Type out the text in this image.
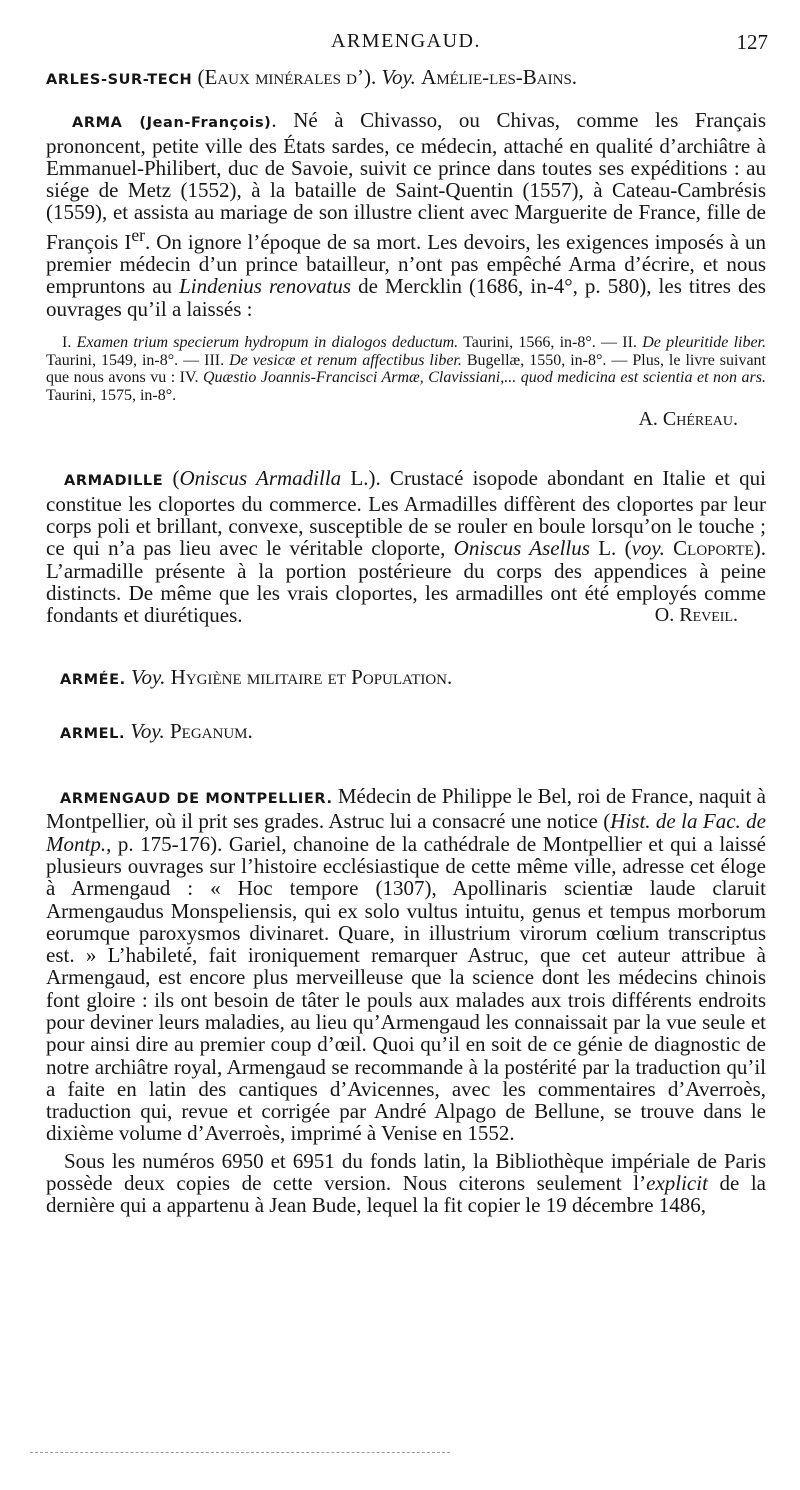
ARMENGAUD.	127

ARLES-SUR-TECH (Eaux minérales d’). Voy. Amélie-les-Bains.

ARMA (Jean-François). Né à Chivasso, ou Chivas, comme les Français prononcent, petite ville des États sardes, ce médecin, attaché en qualité d’archiâtre à Emmanuel-Philibert, duc de Savoie, suivit ce prince dans toutes ses expéditions : au siége de Metz (1552), à la bataille de Saint-Quentin (1557), à Cateau-Cambrésis (1559), et assista au mariage de son illustre client avec Marguerite de France, fille de François Ier. On ignore l’époque de sa mort. Les devoirs, les exigences imposés à un premier médecin d’un prince batailleur, n’ont pas empêché Arma d’écrire, et nous empruntons au Lindenius renovatus de Mercklin (1686, in-4°, p. 580), les titres des ouvrages qu’il a laissés :

I. Examen trium specierum hydropum in dialogos deductum. Taurini, 1566, in-8°. — II. De pleuritide liber. Taurini, 1549, in-8°. — III. De vesicæ et renum affectibus liber. Bugellæ, 1550, in-8°. — Plus, le livre suivant que nous avons vu : IV. Quæstio Joannis-Francisci Armæ, Clavissiani,... quod medicina est scientia et non ars. Taurini, 1575, in-8°.

A. Chéreau.

ARMADILLE (Oniscus Armadilla L.). Crustacé isopode abondant en Italie et qui constitue les cloportes du commerce. Les Armadilles diffèrent des cloportes par leur corps poli et brillant, convexe, susceptible de se rouler en boule lorsqu’on le touche ; ce qui n’a pas lieu avec le véritable cloporte, Oniscus Asellus L. (voy. Cloporte). L’armadille présente à la portion postérieure du corps des appendices à peine distincts. De même que les vrais cloportes, les armadilles ont été employés comme fondants et diurétiques.	O. Reveil.

ARMÉE. Voy. Hygiène militaire et Population.

ARMEL. Voy. Peganum.

ARMENGAUD DE MONTPELLIER. Médecin de Philippe le Bel, roi de France, naquit à Montpellier, où il prit ses grades. Astruc lui a consacré une notice (Hist. de la Fac. de Montp., p. 175-176). Gariel, chanoine de la cathédrale de Montpellier et qui a laissé plusieurs ouvrages sur l’histoire ecclésiastique de cette même ville, adresse cet éloge à Armengaud : « Hoc tempore (1307), Apollinaris scientiæ laude claruit Armengaudus Monspeliensis, qui ex solo vultus intuitu, genus et tempus morborum eorumque paroxysmos divinaret. Quare, in illustrium virorum cœlium transcriptus est. » L’habileté, fait ironiquement remarquer Astruc, que cet auteur attribue à Armengaud, est encore plus merveilleuse que la science dont les médecins chinois font gloire : ils ont besoin de tâter le pouls aux malades aux trois différents endroits pour deviner leurs maladies, au lieu qu’Armengaud les connaissait par la vue seule et pour ainsi dire au premier coup d’œil. Quoi qu’il en soit de ce génie de diagnostic de notre archiâtre royal, Armengaud se recommande à la postérité par la traduction qu’il a faite en latin des cantiques d’Avicennes, avec les commentaires d’Averroès, traduction qui, revue et corrigée par André Alpago de Bellune, se trouve dans le dixième volume d’Averroès, imprimé à Venise en 1552.

Sous les numéros 6950 et 6951 du fonds latin, la Bibliothèque impériale de Paris possède deux copies de cette version. Nous citerons seulement l’explicit de la dernière qui a appartenu à Jean Bude, lequel la fit copier le 19 décembre 1486,
